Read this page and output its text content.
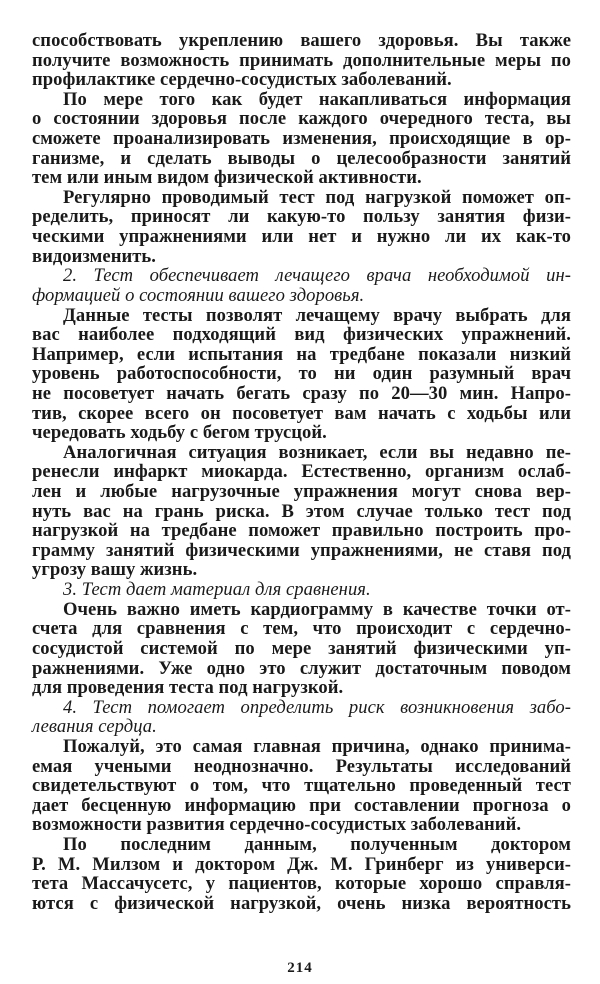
способствовать укреплению вашего здоровья. Вы также
получите возможность принимать дополнительные меры по
профилактике сердечно-сосудистых заболеваний.
По мере того как будет накапливаться информация
о состоянии здоровья после каждого очередного теста, вы
сможете проанализировать изменения, происходящие в ор-
ганизме, и сделать выводы о целесообразности занятий
тем или иным видом физической активности.
Регулярно проводимый тест под нагрузкой поможет оп-
ределить, приносят ли какую-то пользу занятия физи-
ческими упражнениями или нет и нужно ли их как-то
видоизменить.
2. Тест обеспечивает лечащего врача необходимой ин-
формацией о состоянии вашего здоровья.
Данные тесты позволят лечащему врачу выбрать для
вас наиболее подходящий вид физических упражнений.
Например, если испытания на тредбане показали низкий
уровень работоспособности, то ни один разумный врач
не посоветует начать бегать сразу по 20—30 мин. Напро-
тив, скорее всего он посоветует вам начать с ходьбы или
чередовать ходьбу с бегом трусцой.
Аналогичная ситуация возникает, если вы недавно пе-
ренесли инфаркт миокарда. Естественно, организм ослаб-
лен и любые нагрузочные упражнения могут снова вер-
нуть вас на грань риска. В этом случае только тест под
нагрузкой на тредбане поможет правильно построить про-
грамму занятий физическими упражнениями, не ставя под
угрозу вашу жизнь.
3. Тест дает материал для сравнения.
Очень важно иметь кардиограмму в качестве точки от-
счета для сравнения с тем, что происходит с сердечно-
сосудистой системой по мере занятий физическими уп-
ражнениями. Уже одно это служит достаточным поводом
для проведения теста под нагрузкой.
4. Тест помогает определить риск возникновения забо-
левания сердца.
Пожалуй, это самая главная причина, однако принима-
емая учеными неоднозначно. Результаты исследований
свидетельствуют о том, что тщательно проведенный тест
дает бесценную информацию при составлении прогноза о
возможности развития сердечно-сосудистых заболеваний.
По последним данным, полученным доктором
Р. М. Милзом и доктором Дж. М. Гринберг из универси-
тета Массачусетс, у пациентов, которые хорошо справля-
ются с физической нагрузкой, очень низка вероятность
214
